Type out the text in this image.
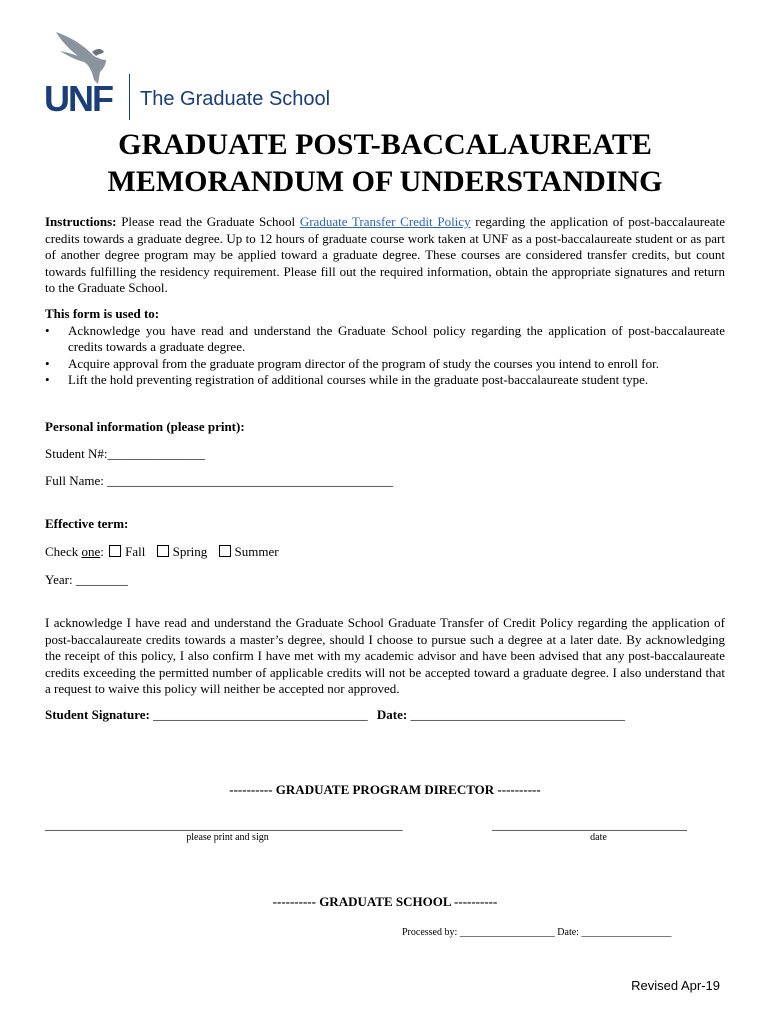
UNF The Graduate School
GRADUATE POST-BACCALAUREATE
MEMORANDUM OF UNDERSTANDING
Instructions: Please read the Graduate School Graduate Transfer Credit Policy regarding the application of post-baccalaureate credits towards a graduate degree. Up to 12 hours of graduate course work taken at UNF as a post-baccalaureate student or as part of another degree program may be applied toward a graduate degree. These courses are considered transfer credits, but count towards fulfilling the residency requirement. Please fill out the required information, obtain the appropriate signatures and return to the Graduate School.
This form is used to:
• Acknowledge you have read and understand the Graduate School policy regarding the application of post-baccalaureate credits towards a graduate degree.
• Acquire approval from the graduate program director of the program of study the courses you intend to enroll for.
• Lift the hold preventing registration of additional courses while in the graduate post-baccalaureate student type.
Personal information (please print):
Student N#:_______________
Full Name: ____________________________________________
Effective term:
Check one: Fall Spring Summer
Year: ________
I acknowledge I have read and understand the Graduate School Graduate Transfer of Credit Policy regarding the application of post-baccalaureate credits towards a master’s degree, should I choose to pursue such a degree at a later date. By acknowledging the receipt of this policy, I also confirm I have met with my academic advisor and have been advised that any post-baccalaureate credits exceeding the permitted number of applicable credits will not be accepted toward a graduate degree. I also understand that a request to waive this policy will neither be accepted nor approved.
Student Signature: _________________________________ Date: _________________________________
---------- GRADUATE PROGRAM DIRECTOR ----------
_______________________________________________________
please print and sign
______________________________
date
---------- GRADUATE SCHOOL ----------
Processed by: ___________________ Date: __________________
Revised Apr-19
